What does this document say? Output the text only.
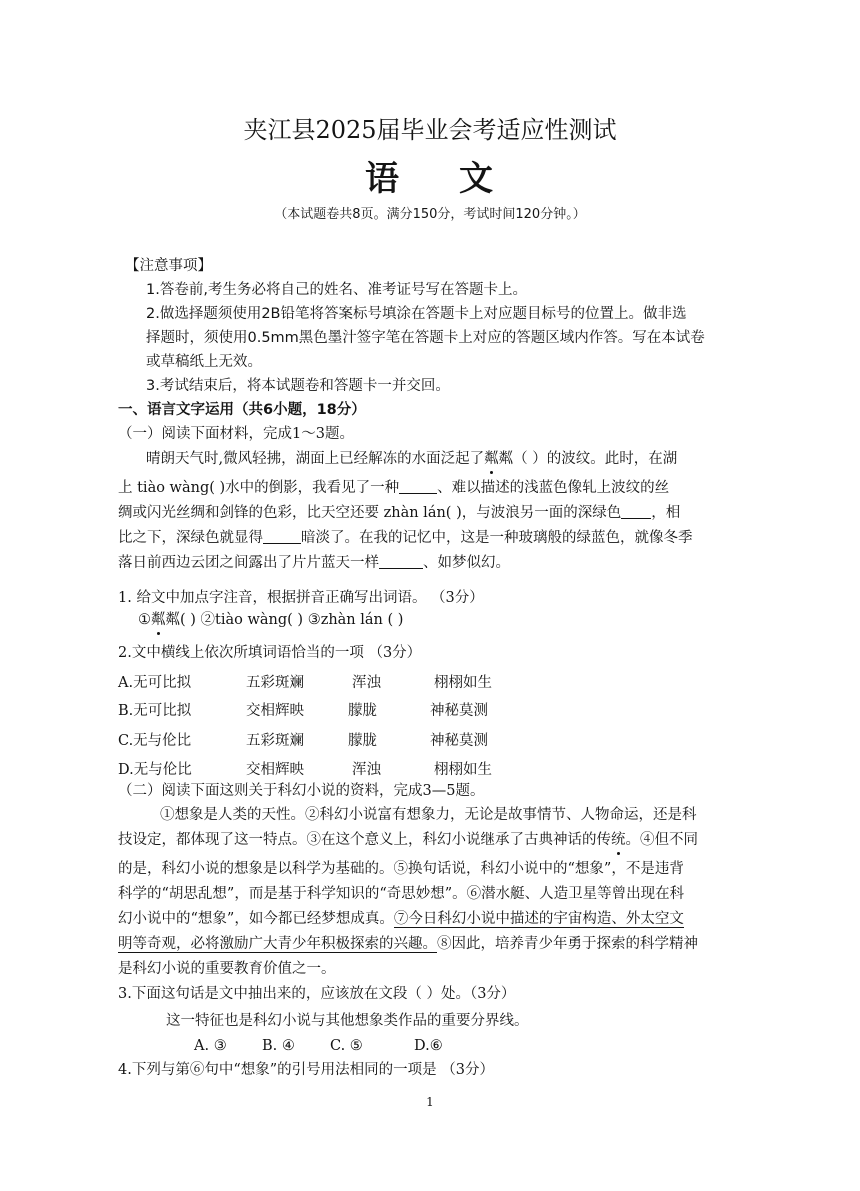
夹江县2025届毕业会考适应性测试
语 文
（本试题卷共8页。满分150分，考试时间120分钟。）
【注意事项】
1.答卷前,考生务必将自己的姓名、准考证号写在答题卡上。
2.做选择题须使用2B铅笔将答案标号填涂在答题卡上对应题目标号的位置上。做非选
择题时，须使用0.5mm黑色墨汁签字笔在答题卡上对应的答题区域内作答。写在本试卷
或草稿纸上无效。
3.考试结束后，将本试题卷和答题卡一并交回。
一、语言文字运用（共6小题，18分）
（一）阅读下面材料，完成1～3题。
晴朗天气时,微风轻拂，湖面上已经解冻的水面泛起了粼粼（ ）的波纹。此时，在湖
上 tiào wàng( )水中的倒影，我看见了一种	、难以描述的浅蓝色像轧上波纹的丝
绸或闪光丝绸和剑锋的色彩，比天空还要 zhàn lán( )，与波浪另一面的深绿色 ，相
比之下，深绿色就显得	暗淡了。在我的记忆中，这是一种玻璃般的绿蓝色，就像冬季
落日前西边云团之间露出了片片蓝天一样	、如梦似幻。
1. 给文中加点字注音，根据拼音正确写出词语。 （3分）
①粼粼( ) ②tiào wàng( ) ③zhàn lán ( )
2.文中横线上依次所填词语恰当的一项 （3分）
A.无可比拟	五彩斑斓	浑浊	栩栩如生
B.无可比拟	交相辉映	朦胧	神秘莫测
C.无与伦比	五彩斑斓	朦胧	神秘莫测
D.无与伦比	交相辉映	浑浊	栩栩如生
（二）阅读下面这则关于科幻小说的资料，完成3—5题。
①想象是人类的天性。②科幻小说富有想象力，无论是故事情节、人物命运，还是科
技设定，都体现了这一特点。③在这个意义上，科幻小说继承了古典神话的传统。④但不同
的是，科幻小说的想象是以科学为基础的。⑤换句话说，科幻小说中的“想象”，不是违背
科学的“胡思乱想”，而是基于科学知识的“奇思妙想”。⑥潜水艇、人造卫星等曾出现在科
幻小说中的“想象”，如今都已经梦想成真。⑦今日科幻小说中描述的宇宙构造、外太空文
明等奇观，必将激励广大青少年积极探索的兴趣。⑧因此，培养青少年勇于探索的科学精神
是科幻小说的重要教育价值之一。
3.下面这句话是文中抽出来的，应该放在文段（ ）处。（3分）
这一特征也是科幻小说与其他想象类作品的重要分界线。
A. ③ B. ④ C. ⑤	D.⑥
4.下列与第⑥句中“想象”的引号用法相同的一项是 （3分）
1
